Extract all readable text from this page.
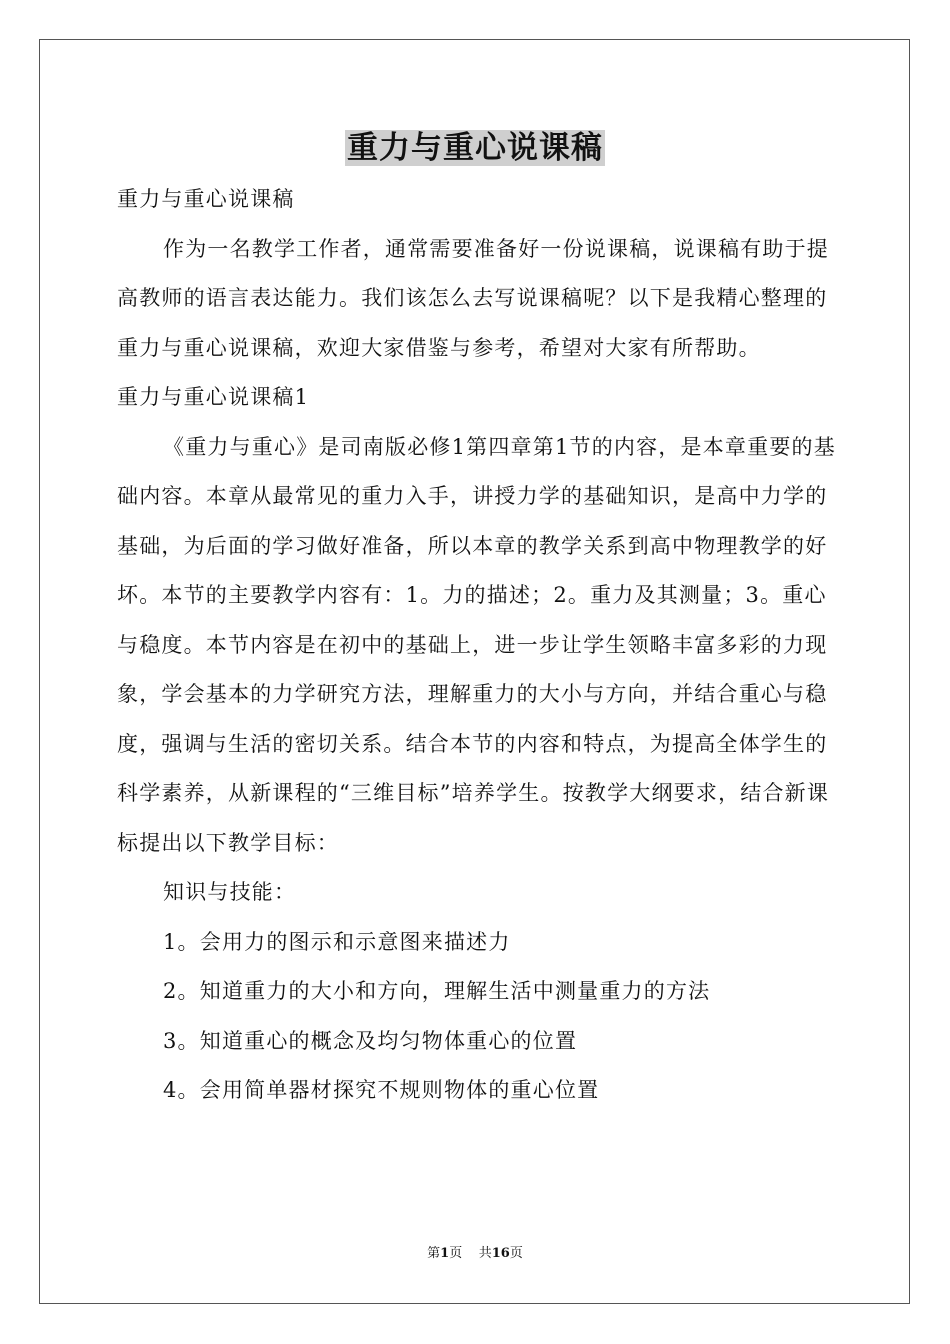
重力与重心说课稿

重力与重心说课稿

作为一名教学工作者，通常需要准备好一份说课稿，说课稿有助于提高教师的语言表达能力。我们该怎么去写说课稿呢？以下是我精心整理的重力与重心说课稿，欢迎大家借鉴与参考，希望对大家有所帮助。

重力与重心说课稿1

《重力与重心》是司南版必修1第四章第1节的内容，是本章重要的基础内容。本章从最常见的重力入手，讲授力学的基础知识，是高中力学的基础，为后面的学习做好准备，所以本章的教学关系到高中物理教学的好坏。本节的主要教学内容有：1。力的描述；2。重力及其测量；3。重心与稳度。本节内容是在初中的基础上，进一步让学生领略丰富多彩的力现象，学会基本的力学研究方法，理解重力的大小与方向，并结合重心与稳度，强调与生活的密切关系。结合本节的内容和特点，为提高全体学生的科学素养，从新课程的“三维目标”培养学生。按教学大纲要求，结合新课标提出以下教学目标：

知识与技能：

1。会用力的图示和示意图来描述力

2。知道重力的大小和方向，理解生活中测量重力的方法

3。知道重心的概念及均匀物体重心的位置

4。会用简单器材探究不规则物体的重心位置

第1页 共16页
